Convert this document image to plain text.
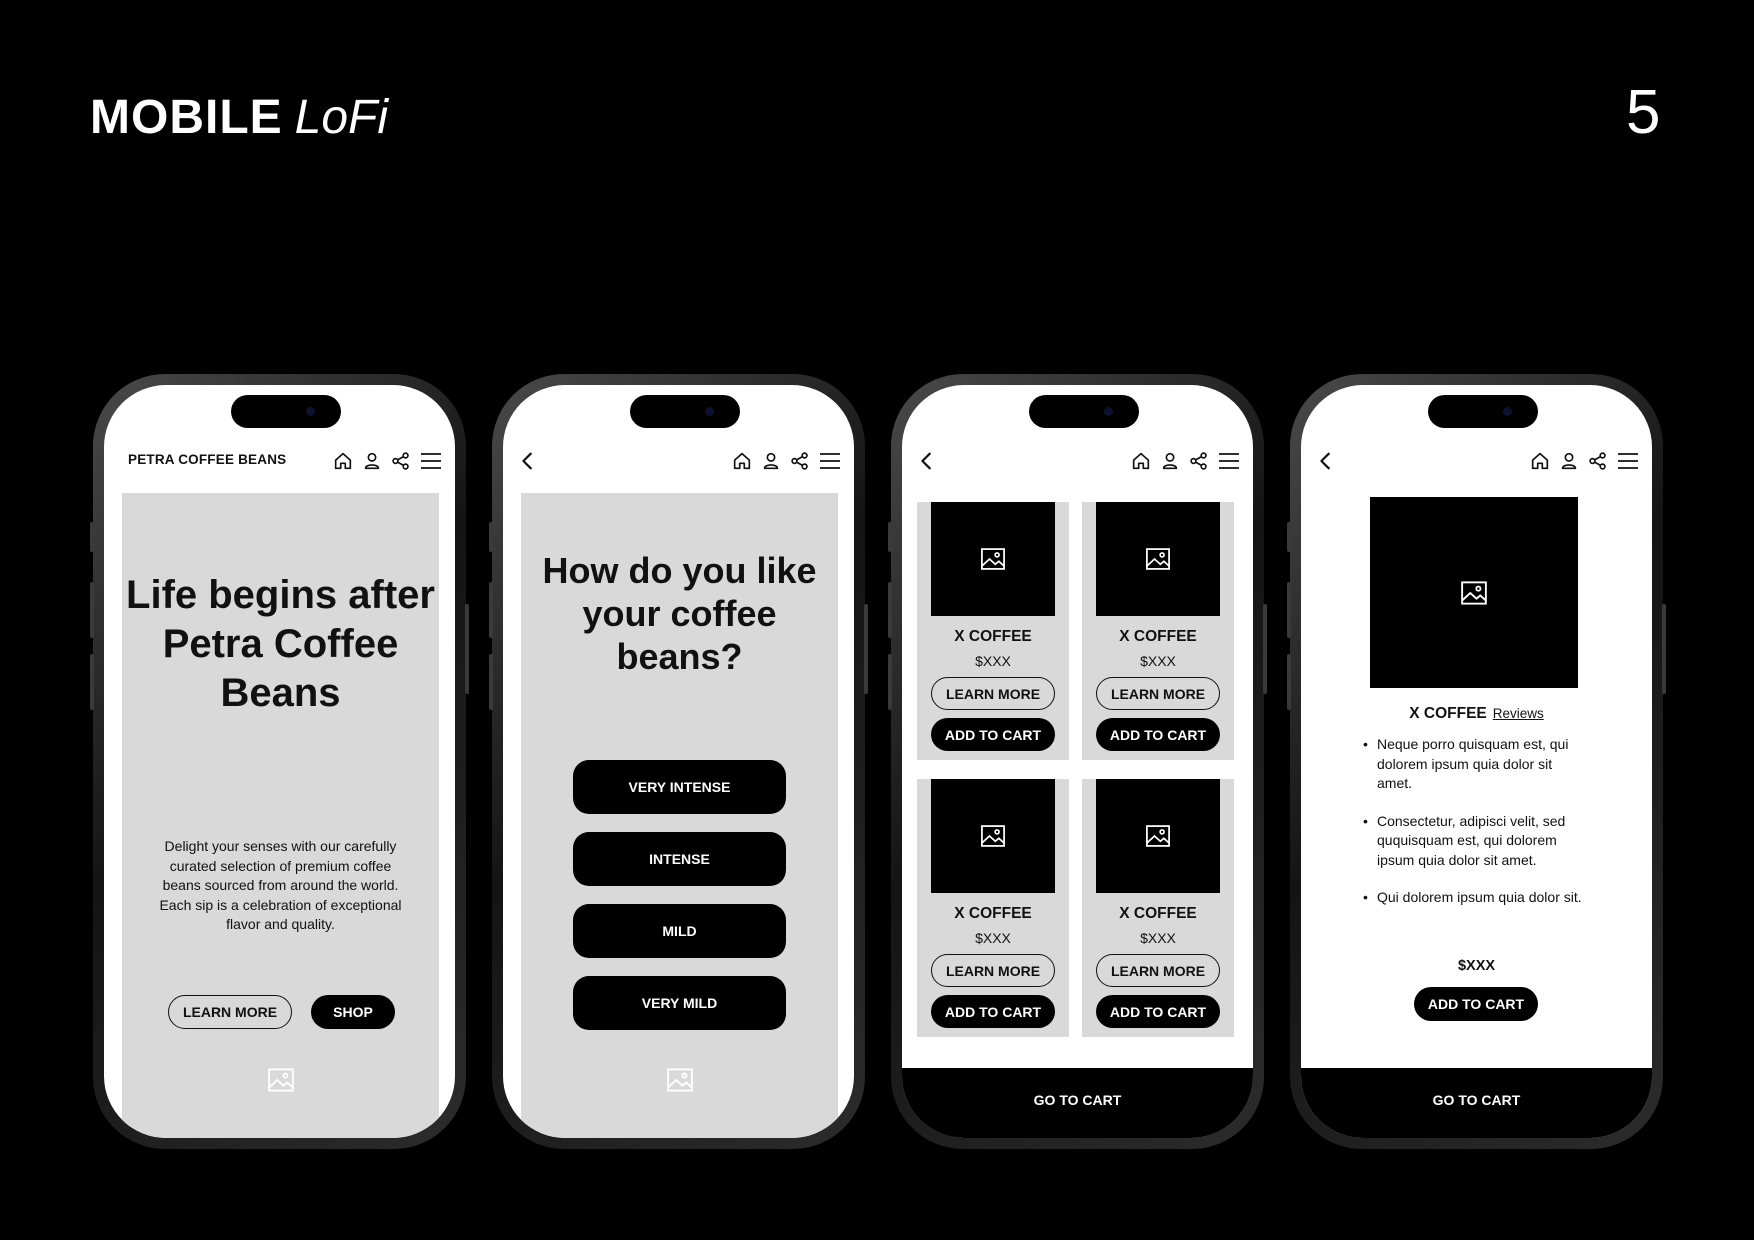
MOBILE LoFi	5
PETRA COFFEE BEANS
Life begins after Petra Coffee Beans
Delight your senses with our carefully curated selection of premium coffee beans sourced from around the world. Each sip is a celebration of exceptional flavor and quality.
LEARN MORE	SHOP
How do you like your coffee beans?
VERY INTENSE
INTENSE
MILD
VERY MILD
X COFFEE
$XXX
LEARN MORE
ADD TO CART
X COFFEE
$XXX
LEARN MORE
ADD TO CART
X COFFEE
$XXX
LEARN MORE
ADD TO CART
X COFFEE
$XXX
LEARN MORE
ADD TO CART
GO TO CART
X COFFEE Reviews
• Neque porro quisquam est, qui dolorem ipsum quia dolor sit amet.
• Consectetur, adipisci velit, sed ququisquam est, qui dolorem ipsum quia dolor sit amet.
• Qui dolorem ipsum quia dolor sit.
$XXX
ADD TO CART
GO TO CART
